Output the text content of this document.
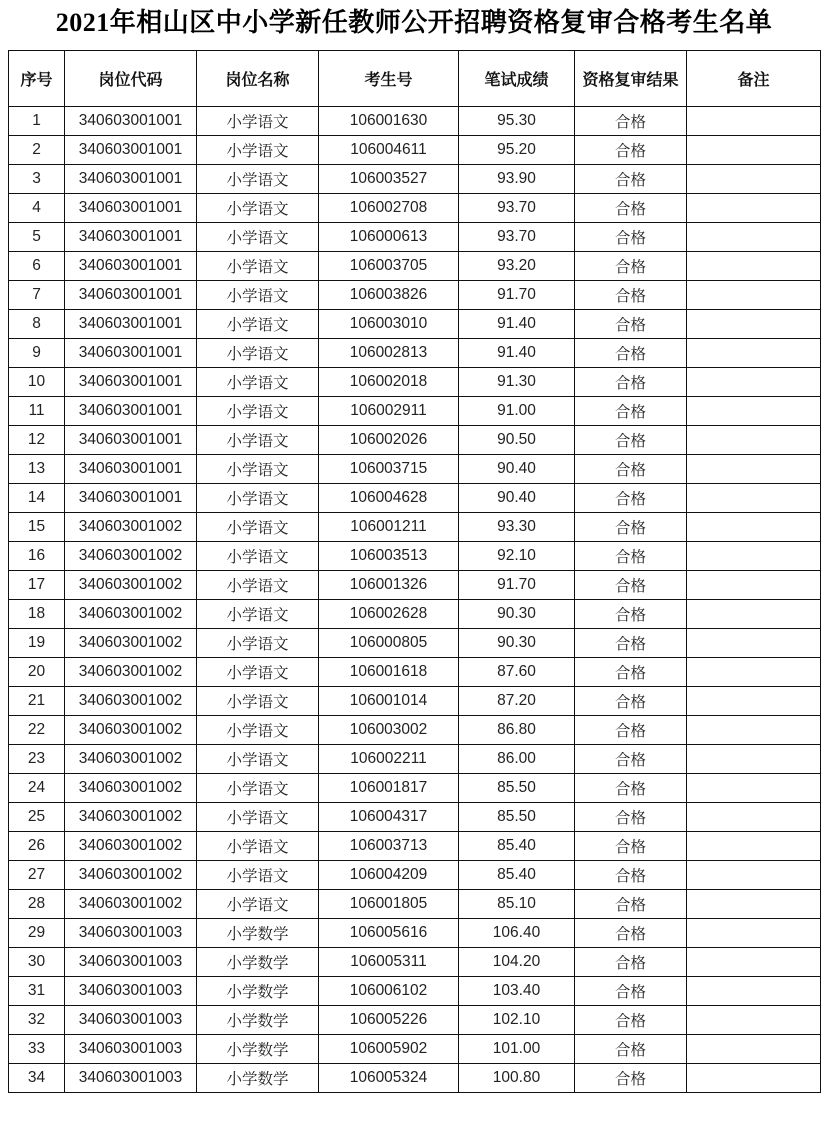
2021年相山区中小学新任教师公开招聘资格复审合格考生名单
序号	岗位代码	岗位名称	考生号	笔试成绩	资格复审结果	备注
1	340603001001	小学语文	106001630	95.30	合格	
2	340603001001	小学语文	106004611	95.20	合格	
3	340603001001	小学语文	106003527	93.90	合格	
4	340603001001	小学语文	106002708	93.70	合格	
5	340603001001	小学语文	106000613	93.70	合格	
6	340603001001	小学语文	106003705	93.20	合格	
7	340603001001	小学语文	106003826	91.70	合格	
8	340603001001	小学语文	106003010	91.40	合格	
9	340603001001	小学语文	106002813	91.40	合格	
10	340603001001	小学语文	106002018	91.30	合格	
11	340603001001	小学语文	106002911	91.00	合格	
12	340603001001	小学语文	106002026	90.50	合格	
13	340603001001	小学语文	106003715	90.40	合格	
14	340603001001	小学语文	106004628	90.40	合格	
15	340603001002	小学语文	106001211	93.30	合格	
16	340603001002	小学语文	106003513	92.10	合格	
17	340603001002	小学语文	106001326	91.70	合格	
18	340603001002	小学语文	106002628	90.30	合格	
19	340603001002	小学语文	106000805	90.30	合格	
20	340603001002	小学语文	106001618	87.60	合格	
21	340603001002	小学语文	106001014	87.20	合格	
22	340603001002	小学语文	106003002	86.80	合格	
23	340603001002	小学语文	106002211	86.00	合格	
24	340603001002	小学语文	106001817	85.50	合格	
25	340603001002	小学语文	106004317	85.50	合格	
26	340603001002	小学语文	106003713	85.40	合格	
27	340603001002	小学语文	106004209	85.40	合格	
28	340603001002	小学语文	106001805	85.10	合格	
29	340603001003	小学数学	106005616	106.40	合格	
30	340603001003	小学数学	106005311	104.20	合格	
31	340603001003	小学数学	106006102	103.40	合格	
32	340603001003	小学数学	106005226	102.10	合格	
33	340603001003	小学数学	106005902	101.00	合格	
34	340603001003	小学数学	106005324	100.80	合格	
